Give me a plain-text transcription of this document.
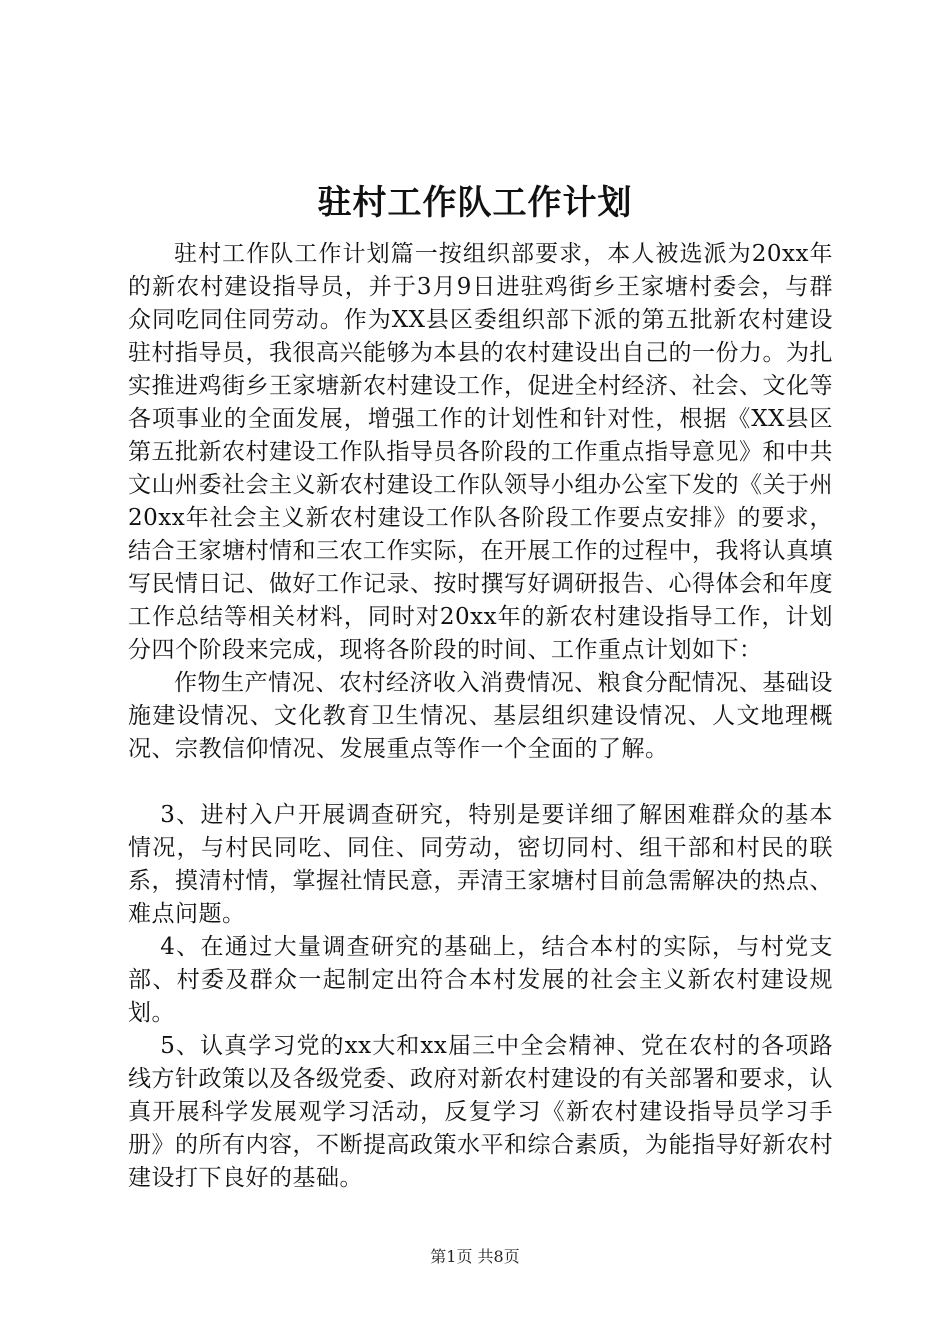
驻村工作队工作计划

驻村工作队工作计划篇一按组织部要求，本人被选派为20xx年的新农村建设指导员，并于3月9日进驻鸡街乡王家塘村委会，与群众同吃同住同劳动。作为XX县区委组织部下派的第五批新农村建设驻村指导员，我很高兴能够为本县的农村建设出自己的一份力。为扎实推进鸡街乡王家塘新农村建设工作，促进全村经济、社会、文化等各项事业的全面发展，增强工作的计划性和针对性，根据《XX县区第五批新农村建设工作队指导员各阶段的工作重点指导意见》和中共文山州委社会主义新农村建设工作队领导小组办公室下发的《关于州20xx年社会主义新农村建设工作队各阶段工作要点安排》的要求，结合王家塘村情和三农工作实际，在开展工作的过程中，我将认真填写民情日记、做好工作记录、按时撰写好调研报告、心得体会和年度工作总结等相关材料，同时对20xx年的新农村建设指导工作，计划分四个阶段来完成，现将各阶段的时间、工作重点计划如下：

作物生产情况、农村经济收入消费情况、粮食分配情况、基础设施建设情况、文化教育卫生情况、基层组织建设情况、人文地理概况、宗教信仰情况、发展重点等作一个全面的了解。

3、进村入户开展调查研究，特别是要详细了解困难群众的基本情况，与村民同吃、同住、同劳动，密切同村、组干部和村民的联系，摸清村情，掌握社情民意，弄清王家塘村目前急需解决的热点、难点问题。

4、在通过大量调查研究的基础上，结合本村的实际，与村党支部、村委及群众一起制定出符合本村发展的社会主义新农村建设规划。

5、认真学习党的xx大和xx届三中全会精神、党在农村的各项路线方针政策以及各级党委、政府对新农村建设的有关部署和要求，认真开展科学发展观学习活动，反复学习《新农村建设指导员学习手册》的所有内容，不断提高政策水平和综合素质，为能指导好新农村建设打下良好的基础。

第1页 共8页
